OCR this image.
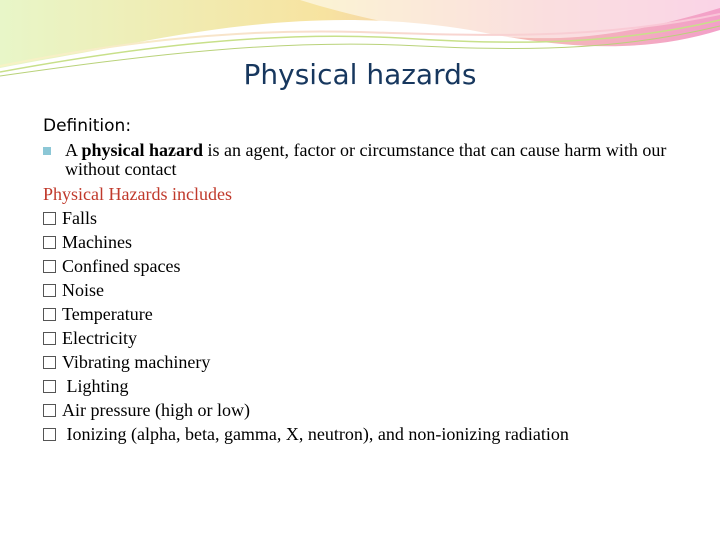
Physical hazards
Definition:
A physical hazard is an agent, factor or circumstance that can cause harm with our without contact
Physical Hazards includes
Falls
Machines
Confined spaces
Noise
Temperature
Electricity
Vibrating machinery
Lighting
Air pressure (high or low)
Ionizing (alpha, beta, gamma, X, neutron), and non-ionizing radiation
